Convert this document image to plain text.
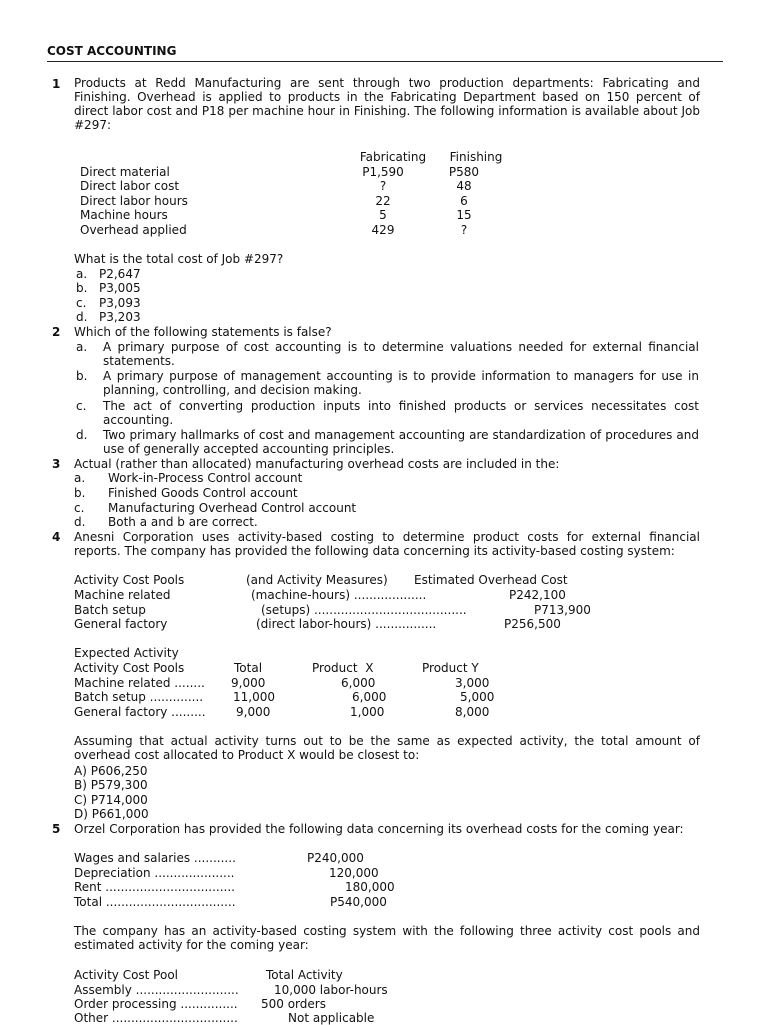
COST ACCOUNTING
1 Products at Redd Manufacturing are sent through two production departments: Fabricating and Finishing. Overhead is applied to products in the Fabricating Department based on 150 percent of direct labor cost and P18 per machine hour in Finishing. The following information is available about Job #297:
Fabricating	Finishing
Direct material	P1,590	P580
Direct labor cost	?	48
Direct labor hours	22	6
Machine hours	5	15
Overhead applied	429	?
What is the total cost of Job #297?
a. P2,647
b. P3,005
c. P3,093
d. P3,203
2 Which of the following statements is false?
a. A primary purpose of cost accounting is to determine valuations needed for external financial statements.
b. A primary purpose of management accounting is to provide information to managers for use in planning, controlling, and decision making.
c. The act of converting production inputs into finished products or services necessitates cost accounting.
d. Two primary hallmarks of cost and management accounting are standardization of procedures and use of generally accepted accounting principles.
3 Actual (rather than allocated) manufacturing overhead costs are included in the:
a. Work-in-Process Control account
b. Finished Goods Control account
c. Manufacturing Overhead Control account
d. Both a and b are correct.
4 Anesni Corporation uses activity-based costing to determine product costs for external financial reports. The company has provided the following data concerning its activity-based costing system:
Activity Cost Pools	(and Activity Measures) Estimated Overhead Cost
Machine related	(machine-hours) ...................	P242,100
Batch setup	(setups) ........................................	P713,900
General factory	(direct labor-hours) ................	P256,500
Expected Activity
Activity Cost Pools	Total	Product  X	Product Y
Machine related ........ 9,000	6,000	3,000
Batch setup .............. 11,000	6,000	5,000
General factory .........	9,000	1,000	8,000
Assuming that actual activity turns out to be the same as expected activity, the total amount of overhead cost allocated to Product X would be closest to:
A) P606,250
B) P579,300
C) P714,000
D) P661,000
5 Orzel Corporation has provided the following data concerning its overhead costs for the coming year:
Wages and salaries ...........	P240,000
Depreciation .....................	120,000
Rent ..................................	180,000
Total ..................................	P540,000
The company has an activity-based costing system with the following three activity cost pools and estimated activity for the coming year:
Activity Cost Pool	Total Activity
Assembly ...........................	10,000 labor-hours
Order processing ............... 500 orders
Other .................................	Not applicable
